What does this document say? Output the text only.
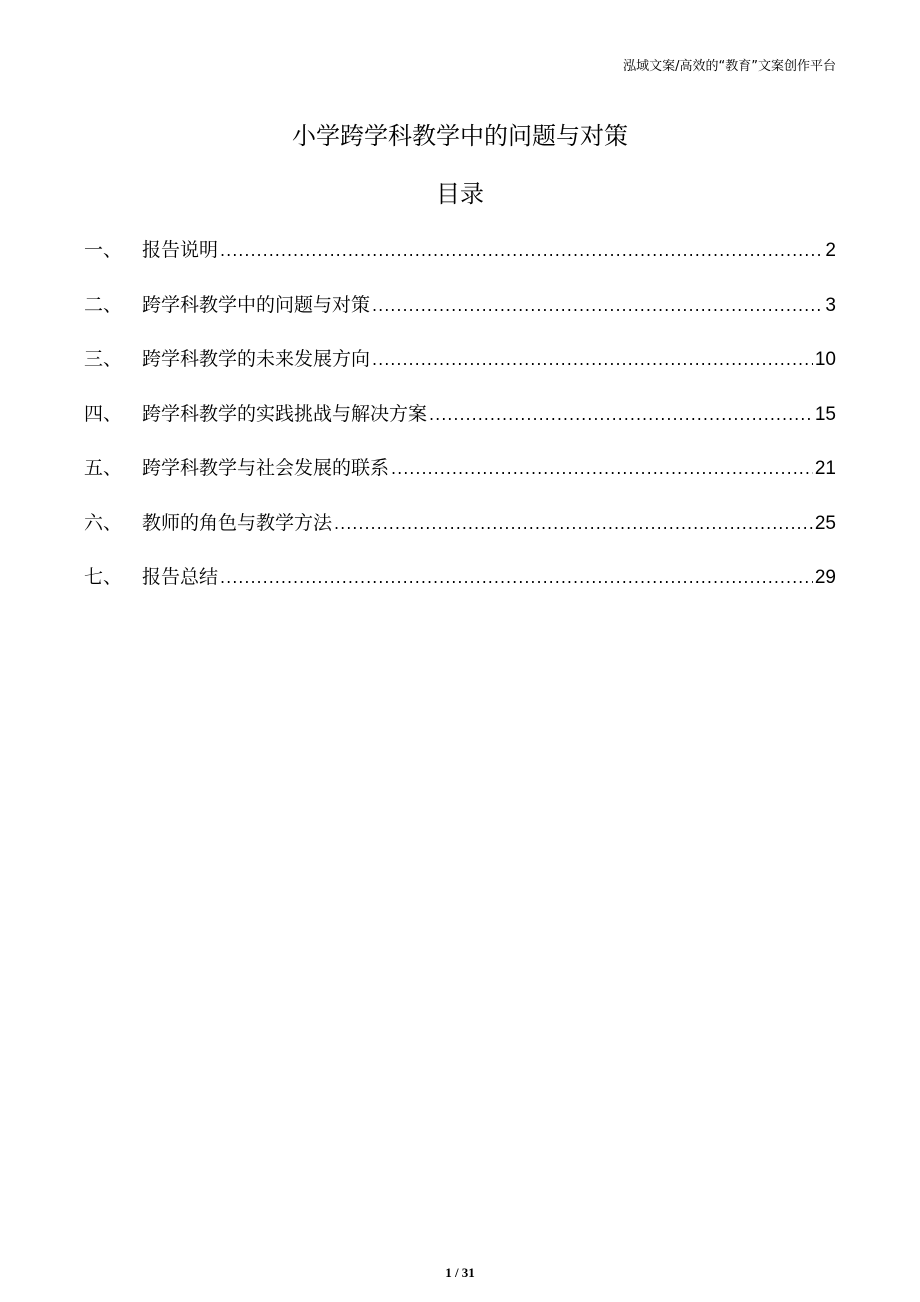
泓域文案/高效的“教育”文案创作平台
小学跨学科教学中的问题与对策
目录
一、	报告说明 .....	2
二、	跨学科教学中的问题与对策 .....	3
三、	跨学科教学的未来发展方向 .....	10
四、	跨学科教学的实践挑战与解决方案 .....	15
五、	跨学科教学与社会发展的联系 .....	21
六、	教师的角色与教学方法 .....	25
七、	报告总结 .....	29
1 / 31
